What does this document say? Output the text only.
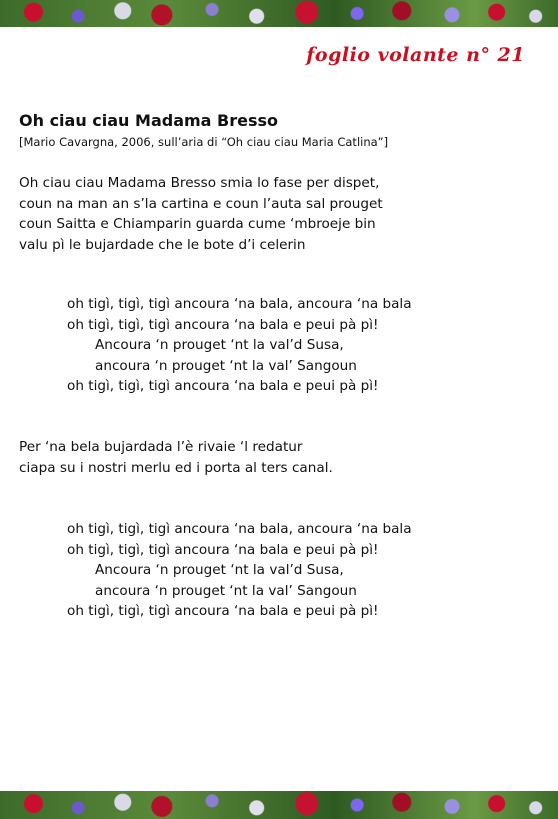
foglio volante n° 21
Oh ciau ciau Madama Bresso
[Mario Cavargna, 2006, sull’aria di “Oh ciau ciau Maria Catlina”]
Oh ciau ciau Madama Bresso smia lo fase per dispet,
coun na man an s’la cartina e coun l’auta sal prouget
coun Saitta e Chiamparin guarda cume ‘mbroeje bin
valu pì le bujardade che le bote d’i celerin
oh tigì, tigì, tigì ancoura ‘na bala, ancoura ‘na bala
oh tigì, tigì, tigì ancoura ‘na bala e peui pà pì!
Ancoura ‘n prouget ‘nt la val’d Susa,
ancoura ‘n prouget ‘nt la val’ Sangoun
oh tigì, tigì, tigì ancoura ‘na bala e peui pà pì!
Per ‘na bela bujardada l’è rivaie ‘l redatur
ciapa su i nostri merlu ed i porta al ters canal.
oh tigì, tigì, tigì ancoura ‘na bala, ancoura ‘na bala
oh tigì, tigì, tigì ancoura ‘na bala e peui pà pì!
Ancoura ‘n prouget ‘nt la val’d Susa,
ancoura ‘n prouget ‘nt la val’ Sangoun
oh tigì, tigì, tigì ancoura ‘na bala e peui pà pì!
